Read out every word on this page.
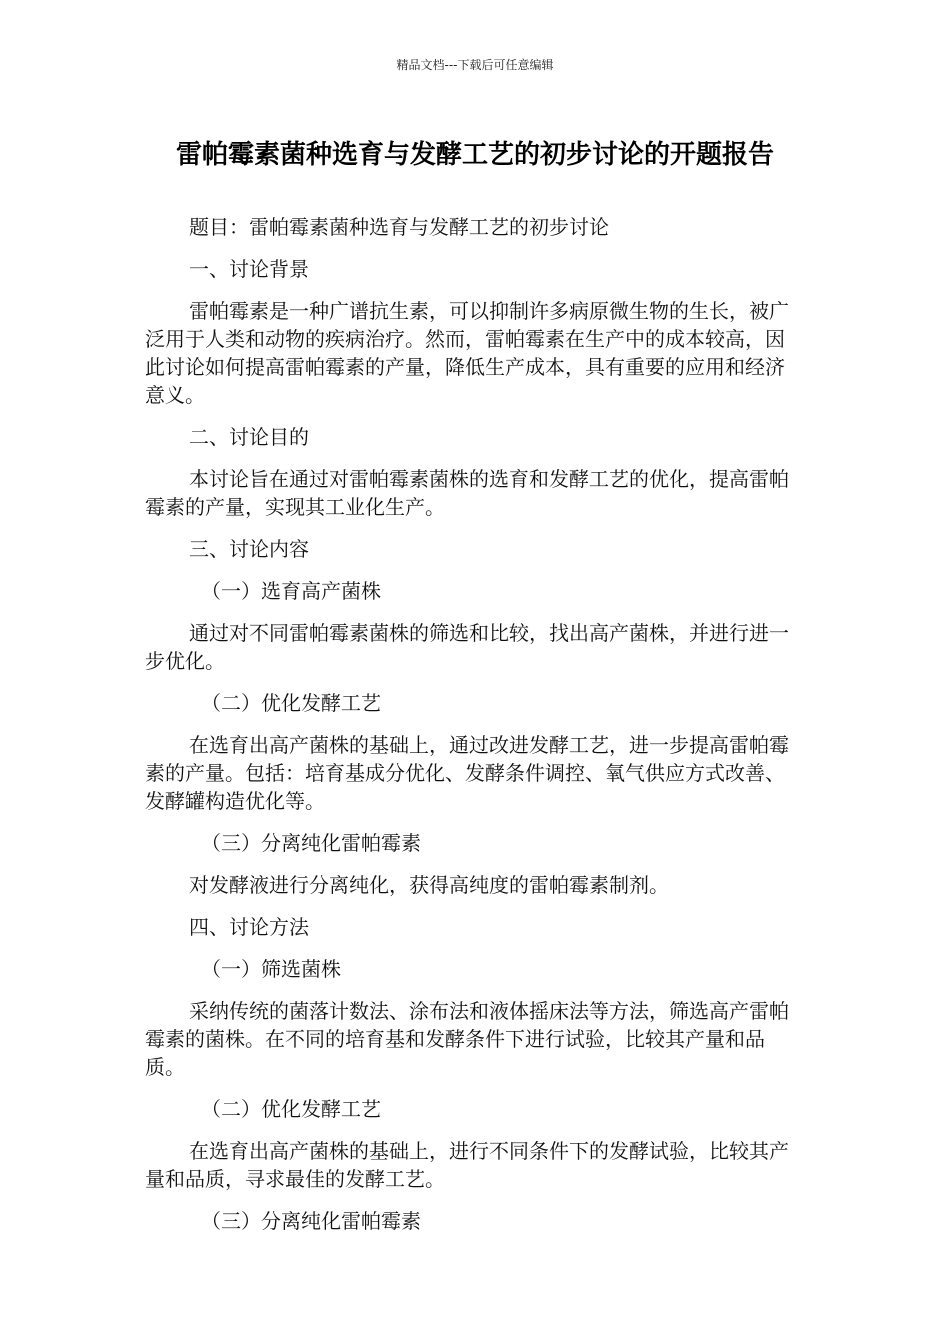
精品文档---下载后可任意编辑
雷帕霉素菌种选育与发酵工艺的初步讨论的开题报告

题目：雷帕霉素菌种选育与发酵工艺的初步讨论

一、讨论背景

雷帕霉素是一种广谱抗生素，可以抑制许多病原微生物的生长，被广泛用于人类和动物的疾病治疗。然而，雷帕霉素在生产中的成本较高，因此讨论如何提高雷帕霉素的产量，降低生产成本，具有重要的应用和经济意义。

二、讨论目的

本讨论旨在通过对雷帕霉素菌株的选育和发酵工艺的优化，提高雷帕霉素的产量，实现其工业化生产。

三、讨论内容

（一）选育高产菌株

通过对不同雷帕霉素菌株的筛选和比较，找出高产菌株，并进行进一步优化。

（二）优化发酵工艺

在选育出高产菌株的基础上，通过改进发酵工艺，进一步提高雷帕霉素的产量。包括：培育基成分优化、发酵条件调控、氧气供应方式改善、发酵罐构造优化等。

（三）分离纯化雷帕霉素

对发酵液进行分离纯化，获得高纯度的雷帕霉素制剂。

四、讨论方法

（一）筛选菌株

采纳传统的菌落计数法、涂布法和液体摇床法等方法，筛选高产雷帕霉素的菌株。在不同的培育基和发酵条件下进行试验，比较其产量和品质。

（二）优化发酵工艺

在选育出高产菌株的基础上，进行不同条件下的发酵试验，比较其产量和品质，寻求最佳的发酵工艺。

（三）分离纯化雷帕霉素
